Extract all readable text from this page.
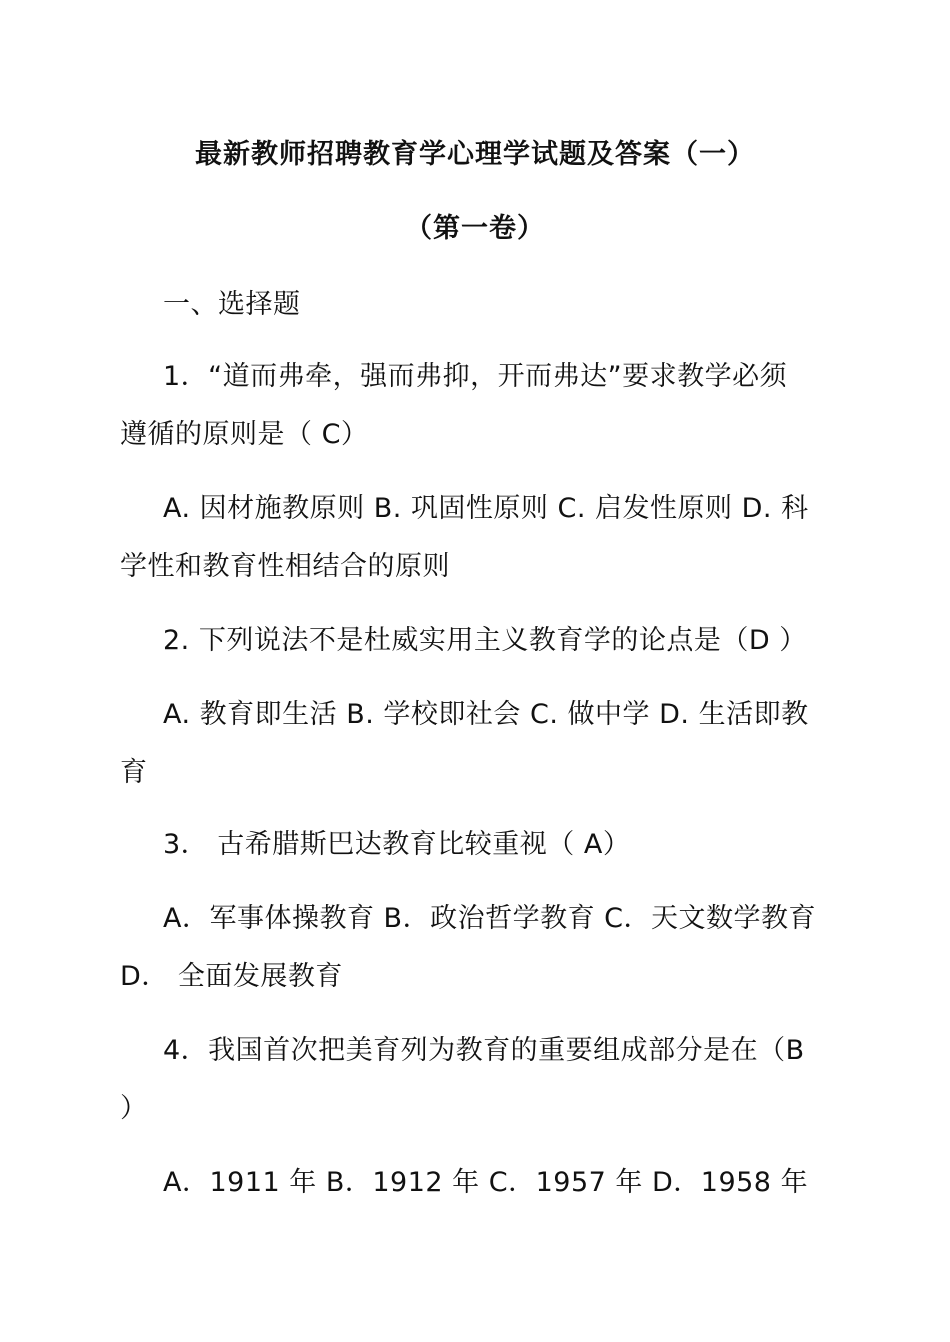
最新教师招聘教育学心理学试题及答案（一）
（第一卷）
一、选择题
1．“道而弗牵，强而弗抑，开而弗达”要求教学必须
遵循的原则是（ C）
A. 因材施教原则 B. 巩固性原则 C. 启发性原则 D. 科
学性和教育性相结合的原则
2. 下列说法不是杜威实用主义教育学的论点是（D ）
A. 教育即生活 B. 学校即社会 C. 做中学 D. 生活即教
育
3． 古希腊斯巴达教育比较重视（ A）
A．军事体操教育 B．政治哲学教育 C．天文数学教育
D． 全面发展教育
4．我国首次把美育列为教育的重要组成部分是在（B
）
A．1911 年 B．1912 年 C．1957 年 D．1958 年
